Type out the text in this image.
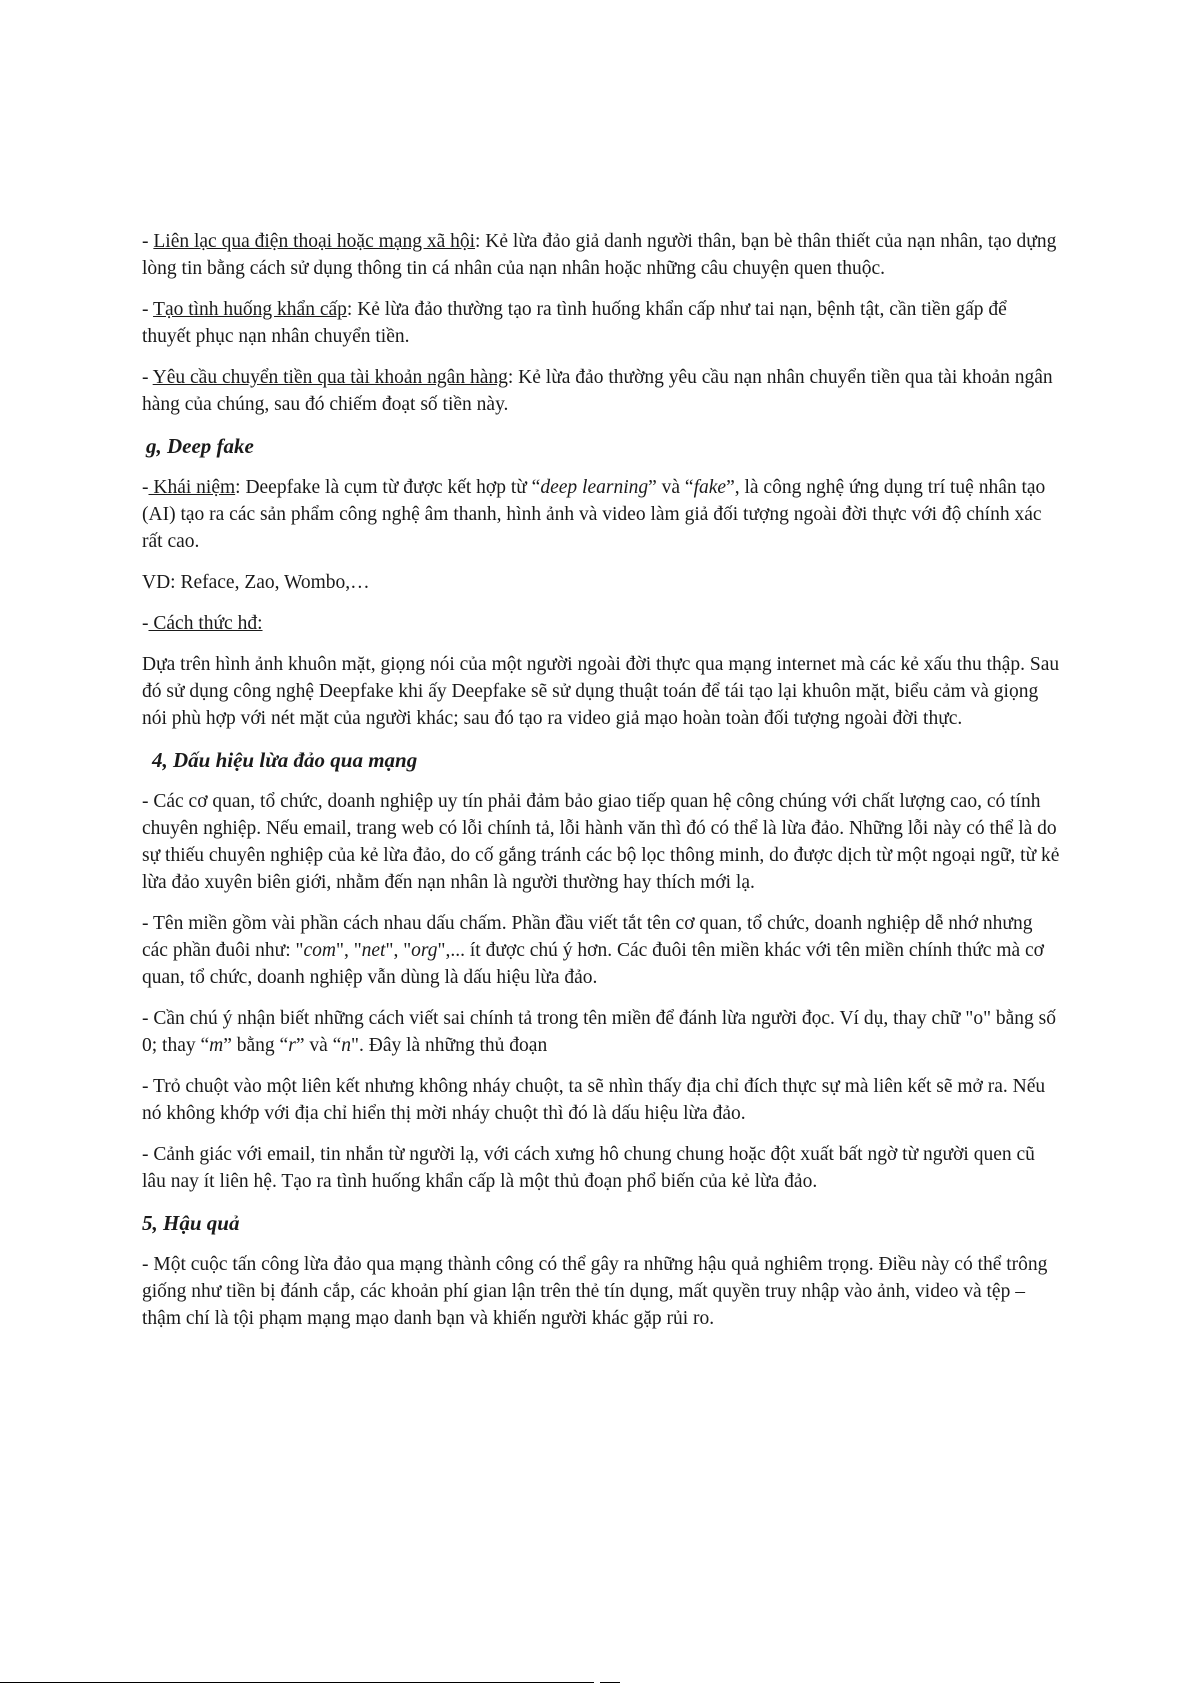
- Liên lạc qua điện thoại hoặc mạng xã hội: Kẻ lừa đảo giả danh người thân, bạn bè thân thiết của nạn nhân, tạo dựng lòng tin bằng cách sử dụng thông tin cá nhân của nạn nhân hoặc những câu chuyện quen thuộc.

- Tạo tình huống khẩn cấp: Kẻ lừa đảo thường tạo ra tình huống khẩn cấp như tai nạn, bệnh tật, cần tiền gấp để thuyết phục nạn nhân chuyển tiền.

- Yêu cầu chuyển tiền qua tài khoản ngân hàng: Kẻ lừa đảo thường yêu cầu nạn nhân chuyển tiền qua tài khoản ngân hàng của chúng, sau đó chiếm đoạt số tiền này.

g, Deep fake

- Khái niệm: Deepfake là cụm từ được kết hợp từ “deep learning” và “fake”, là công nghệ ứng dụng trí tuệ nhân tạo (AI) tạo ra các sản phẩm công nghệ âm thanh, hình ảnh và video làm giả đối tượng ngoài đời thực với độ chính xác rất cao.

VD: Reface, Zao, Wombo,…

- Cách thức hđ:

Dựa trên hình ảnh khuôn mặt, giọng nói của một người ngoài đời thực qua mạng internet mà các kẻ xấu thu thập. Sau đó sử dụng công nghệ Deepfake khi ấy Deepfake sẽ sử dụng thuật toán để tái tạo lại khuôn mặt, biểu cảm và giọng nói phù hợp với nét mặt của người khác; sau đó tạo ra video giả mạo hoàn toàn đối tượng ngoài đời thực.

4, Dấu hiệu lừa đảo qua mạng

- Các cơ quan, tổ chức, doanh nghiệp uy tín phải đảm bảo giao tiếp quan hệ công chúng với chất lượng cao, có tính chuyên nghiệp. Nếu email, trang web có lỗi chính tả, lỗi hành văn thì đó có thể là lừa đảo. Những lỗi này có thể là do sự thiếu chuyên nghiệp của kẻ lừa đảo, do cố gắng tránh các bộ lọc thông minh, do được dịch từ một ngoại ngữ, từ kẻ lừa đảo xuyên biên giới, nhằm đến nạn nhân là người thường hay thích mới lạ.

- Tên miền gồm vài phần cách nhau dấu chấm. Phần đầu viết tắt tên cơ quan, tổ chức, doanh nghiệp dễ nhớ nhưng các phần đuôi như: "com", "net", "org",... ít được chú ý hơn. Các đuôi tên miền khác với tên miền chính thức mà cơ quan, tổ chức, doanh nghiệp vẫn dùng là dấu hiệu lừa đảo.

- Cần chú ý nhận biết những cách viết sai chính tả trong tên miền để đánh lừa người đọc. Ví dụ, thay chữ "o" bằng số 0; thay “m” bằng “r” và “n". Đây là những thủ đoạn

- Trỏ chuột vào một liên kết nhưng không nháy chuột, ta sẽ nhìn thấy địa chỉ đích thực sự mà liên kết sẽ mở ra. Nếu nó không khớp với địa chỉ hiển thị mời nháy chuột thì đó là dấu hiệu lừa đảo.

- Cảnh giác với email, tin nhắn từ người lạ, với cách xưng hô chung chung hoặc đột xuất bất ngờ từ người quen cũ lâu nay ít liên hệ. Tạo ra tình huống khẩn cấp là một thủ đoạn phổ biến của kẻ lừa đảo.

5, Hậu quả

- Một cuộc tấn công lừa đảo qua mạng thành công có thể gây ra những hậu quả nghiêm trọng. Điều này có thể trông giống như tiền bị đánh cắp, các khoản phí gian lận trên thẻ tín dụng, mất quyền truy nhập vào ảnh, video và tệp – thậm chí là tội phạm mạng mạo danh bạn và khiến người khác gặp rủi ro.
